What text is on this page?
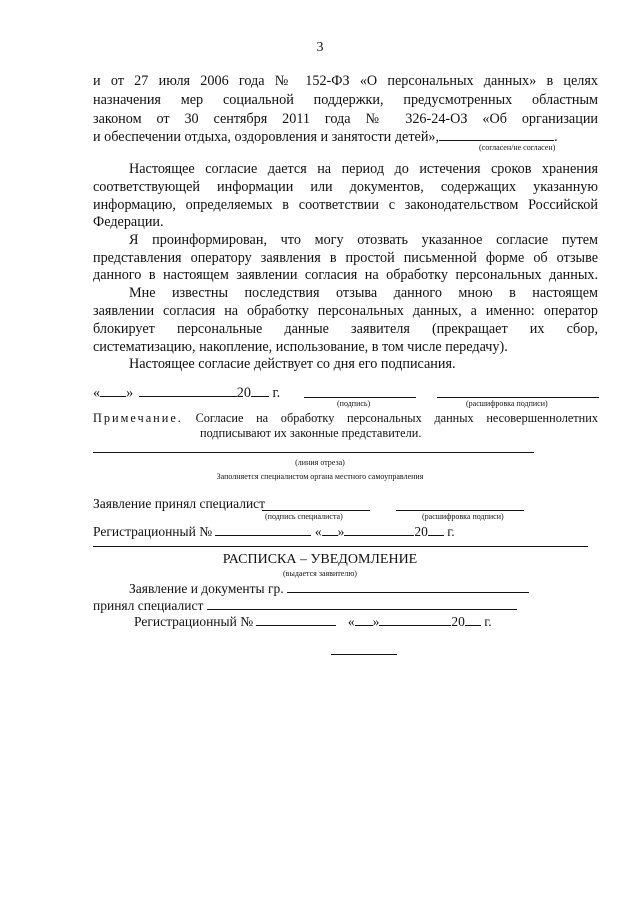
3
и от 27 июля 2006 года № 152-ФЗ «О персональных данных» в целях
назначения мер социальной поддержки, предусмотренных областным
законом от 30 сентября 2011 года № 326-24-ОЗ «Об организации
и обеспечении отдыха, оздоровления и занятости детей»,	.
(согласен/не согласен)
Настоящее согласие дается на период до истечения сроков хранения
соответствующей информации или документов, содержащих указанную
информацию, определяемых в соответствии с законодательством Российской
Федерации.
Я проинформирован, что могу отозвать указанное согласие путем
представления оператору заявления в простой письменной форме об отзыве
данного в настоящем заявлении согласия на обработку персональных данных.
Мне известны последствия отзыва данного мною в настоящем
заявлении согласия на обработку персональных данных, а именно: оператор
блокирует персональные данные заявителя (прекращает их сбор,
систематизацию, накопление, использование, в том числе передачу).
Настоящее согласие действует со дня его подписания.
« »	20 г.
(подпись)	(расшифровка подписи)
Примечание. Согласие на обработку персональных данных несовершеннолетних
подписывают их законные представители.
(линия отреза)
Заполняется специалистом органа местного самоуправления
Заявление принял специалист
(подпись специалиста)	(расшифровка подписи)
Регистрационный №	« »	20 г.
РАСПИСКА – УВЕДОМЛЕНИЕ
(выдается заявителю)
Заявление и документы гр.
принял специалист
Регистрационный №	« »	20 г.
